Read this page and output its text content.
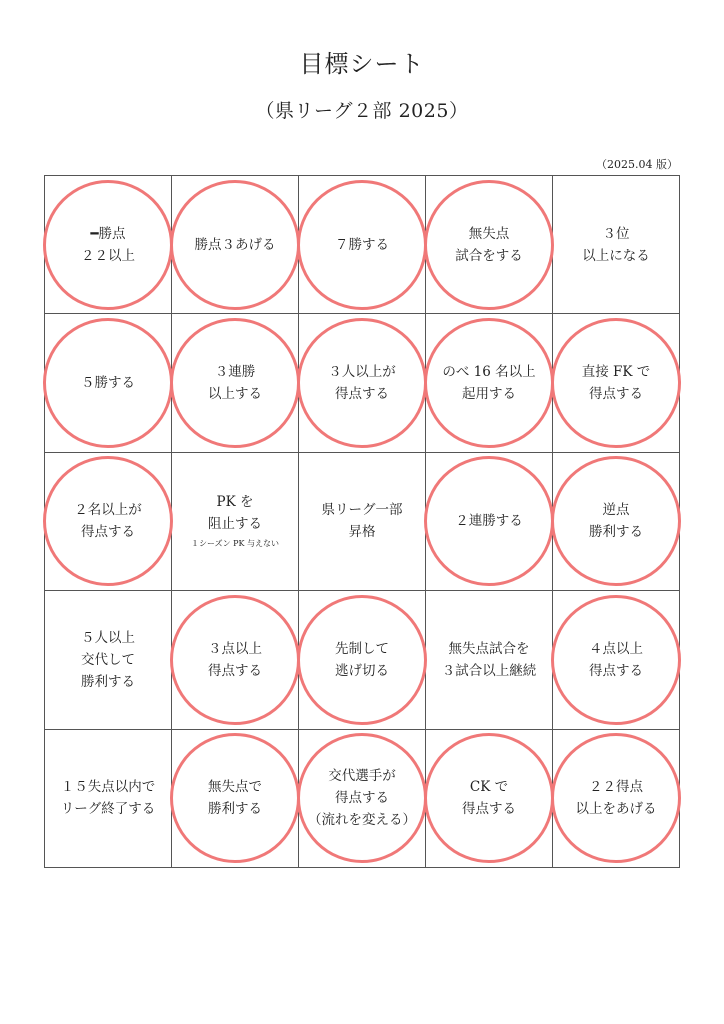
目標シート
（県リーグ２部 2025）
（2025.04 版）
━勝点
２２以上
勝点３あげる	７勝する
無失点
試合をする
３位
以上になる
５勝する
３連勝
以上する
３人以上が
得点する
のべ 16 名以上
起用する
直接 FK で
得点する
２名以上が
得点する
PK を
阻止する
１シーズン PK 与えない
県リーグ一部
昇格
２連勝する
逆点
勝利する
５人以上
交代して
勝利する
３点以上
得点する
先制して
逃げ切る
無失点試合を
３試合以上継続
４点以上
得点する
１５失点以内で
リーグ終了する
無失点で
勝利する
交代選手が
得点する
（流れを変える）
CK で
得点する
２２得点
以上をあげる
